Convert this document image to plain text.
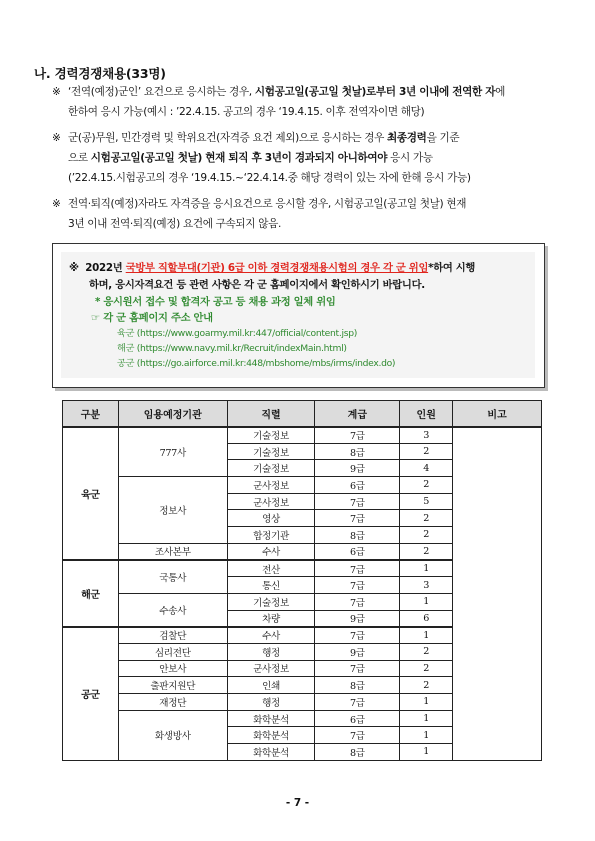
나. 경력경쟁채용(33명)
※ ‘전역(예정)군인’ 요건으로 응시하는 경우, 시험공고일(공고일 첫날)로부터 3년 이내에 전역한 자에
한하여 응시 가능(예시 : ’22.4.15. 공고의 경우 ‘19.4.15. 이후 전역자이면 해당)
※ 군(공)무원, 민간경력 및 학위요건(자격증 요건 제외)으로 응시하는 경우 최종경력을 기준
으로 시험공고일(공고일 첫날) 현재 퇴직 후 3년이 경과되지 아니하여야 응시 가능
(’22.4.15.시험공고의 경우 ‘19.4.15.~‘22.4.14.중 해당 경력이 있는 자에 한해 응시 가능)
※ 전역·퇴직(예정)자라도 자격증을 응시요건으로 응시할 경우, 시험공고일(공고일 첫날) 현재
3년 이내 전역·퇴직(예정) 요건에 구속되지 않음.
※ 2022년 국방부 직할부대(기관) 6급 이하 경력경쟁채용시험의 경우 각 군 위임*하여 시행
하며, 응시자격요건 등 관련 사항은 각 군 홈페이지에서 확인하시기 바랍니다.
* 응시원서 접수 및 합격자 공고 등 채용 과정 일체 위임
☞ 각 군 홈페이지 주소 안내
육군 (https://www.goarmy.mil.kr:447/official/content.jsp)
해군 (https://www.navy.mil.kr/Recruit/indexMain.html)
공군 (https://go.airforce.mil.kr:448/mbshome/mbs/irms/index.do)
구분	임용예정기관	직렬	계급	인원	비고
육군	777사	기술정보	7급	3	
		기술정보	8급	2	
		기술정보	9급	4	
	정보사	군사정보	6급	2	
		군사정보	7급	5	
		영상	7급	2	
		합정기관	8급	2	
	조사본부	수사	6급	2	
해군	국통사	전산	7급	1	
		통신	7급	3	
	수송사	기술정보	7급	1	
		차량	9급	6	
공군	검찰단	수사	7급	1	
	심리전단	행정	9급	2	
	안보사	군사정보	7급	2	
	출판지원단	인쇄	8급	2	
	재정단	행정	7급	1	
	화생방사	화학분석	6급	1	
		화학분석	7급	1	
		화학분석	8급	1	
- 7 -
